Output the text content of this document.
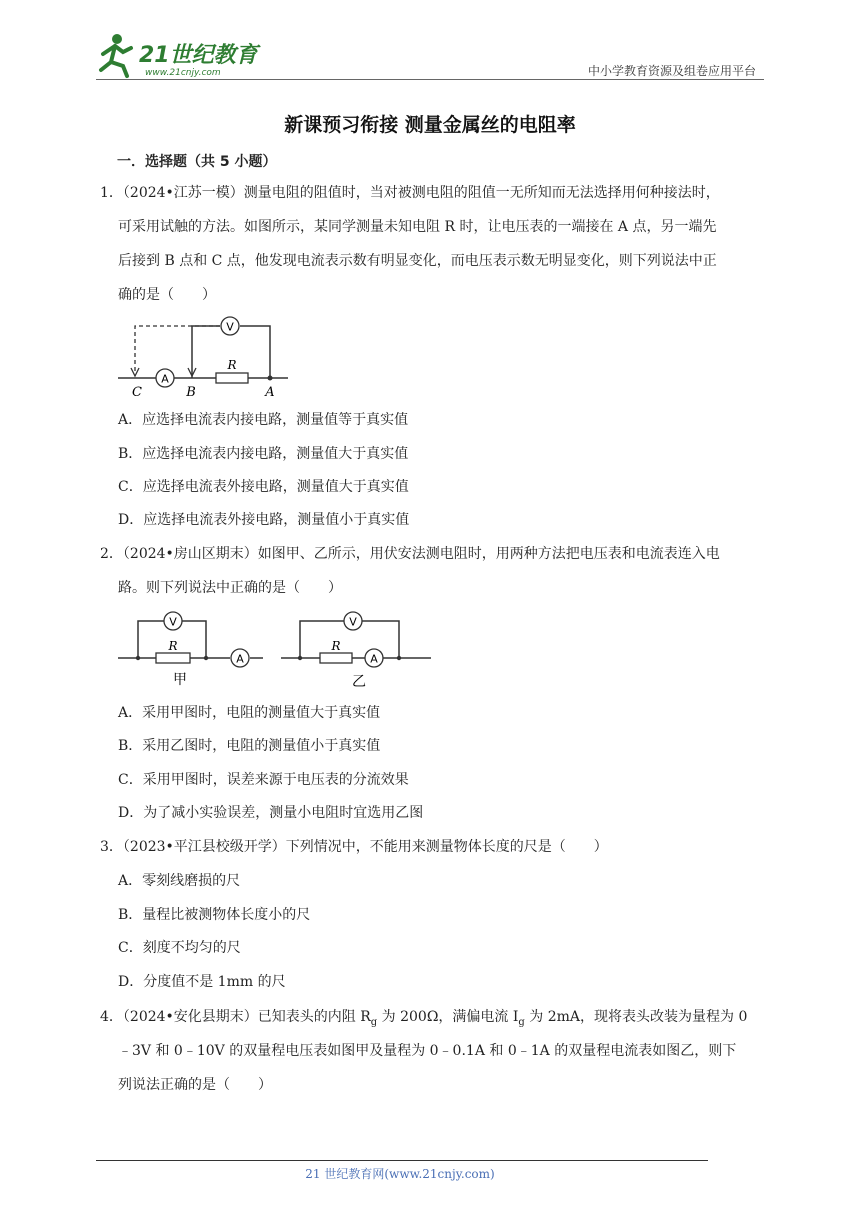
21世纪教育
www.21cnjy.com	中小学教育资源及组卷应用平台
新课预习衔接 测量金属丝的电阻率
一．选择题（共 5 小题）
1．（2024•江苏一模）测量电阻的阻值时，当对被测电阻的阻值一无所知而无法选择用何种接法时，
可采用试触的方法。如图所示，某同学测量未知电阻 R 时，让电压表的一端接在 A 点，另一端先
后接到 B 点和 C 点，他发现电流表示数有明显变化，而电压表示数无明显变化，则下列说法中正
确的是（　　）
V
A
R
C	B	A
A．应选择电流表内接电路，测量值等于真实值
B．应选择电流表内接电路，测量值大于真实值
C．应选择电流表外接电路，测量值大于真实值
D．应选择电流表外接电路，测量值小于真实值
2．（2024•房山区期末）如图甲、乙所示，用伏安法测电阻时，用两种方法把电压表和电流表连入电
路。则下列说法中正确的是（　　）
V
R
A
甲
V
R
A
乙
A．采用甲图时，电阻的测量值大于真实值
B．采用乙图时，电阻的测量值小于真实值
C．采用甲图时，误差来源于电压表的分流效果
D．为了减小实验误差，测量小电阻时宜选用乙图
3．（2023•平江县校级开学）下列情况中，不能用来测量物体长度的尺是（　　）
A．零刻线磨损的尺
B．量程比被测物体长度小的尺
C．刻度不均匀的尺
D．分度值不是 1mm 的尺
4．（2024•安化县期末）已知表头的内阻 $R_g$ 为 200Ω，满偏电流 $I_g$ 为 2mA，现将表头改装为量程为 0
﹣3V 和 0﹣10V 的双量程电压表如图甲及量程为 0﹣0.1A 和 0﹣1A 的双量程电流表如图乙，则下
列说法正确的是（　　）
21 世纪教育网(www.21cnjy.com)
